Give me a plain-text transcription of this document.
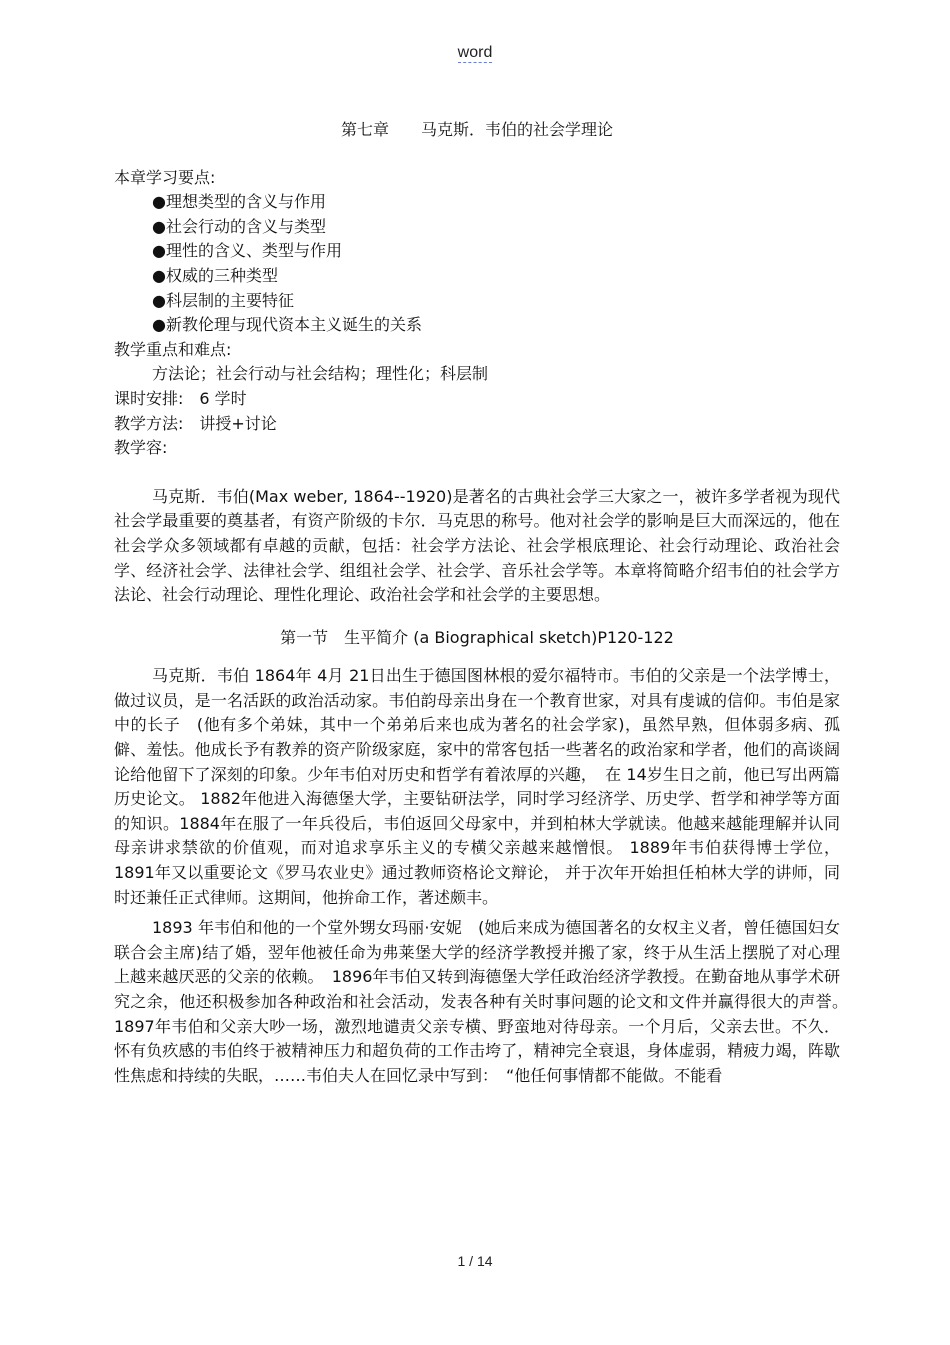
word

第七章　　马克斯．韦伯的社会学理论

本章学习要点:

●理想类型的含义与作用

●社会行动的含义与类型

●理性的含义、类型与作用

●权威的三种类型

●科层制的主要特征

●新教伦理与现代资本主义诞生的关系

教学重点和难点:

方法论；社会行动与社会结构；理性化；科层制

课时安排:　6 学时

教学方法:　讲授+讨论

教学容:

马克斯．韦伯(Max weber, 1864--1920)是著名的古典社会学三大家之一，被许多学者视为现代社会学最重要的奠基者，有资产阶级的卡尔．马克思的称号。他对社会学的影响是巨大而深远的，他在社会学众多领域都有卓越的贡献，包括：社会学方法论、社会学根底理论、社会行动理论、政治社会学、经济社会学、法律社会学、组组社会学、社会学、音乐社会学等。本章将简略介绍韦伯的社会学方法论、社会行动理论、理性化理论、政治社会学和社会学的主要思想。

第一节　生平简介 (a Biographical sketch)P120-122

马克斯．韦伯 1864年 4月 21日出生于德国图林根的爱尔福特市。韦伯的父亲是一个法学博士，做过议员，是一名活跃的政治活动家。韦伯韵母亲出身在一个教育世家，对具有虔诚的信仰。韦伯是家中的长子　(他有多个弟妹，其中一个弟弟后来也成为著名的社会学家)，虽然早熟，但体弱多病、孤僻、羞怯。他成长予有教养的资产阶级家庭，家中的常客包括一些著名的政治家和学者，他们的高谈阔论给他留下了深刻的印象。少年韦伯对历史和哲学有着浓厚的兴趣，　在 14岁生日之前，他已写出两篇历史论文。 1882年他进入海德堡大学，主要钻研法学，同时学习经济学、历史学、哲学和神学等方面的知识。1884年在服了一年兵役后，韦伯返回父母家中，并到柏林大学就读。他越来越能理解并认同母亲讲求禁欲的价值观，而对追求享乐主义的专横父亲越来越憎恨。 1889年韦伯获得博士学位， 1891年又以重要论文《罗马农业史》通过教师资格论文辩论， 并于次年开始担任柏林大学的讲师，同时还兼任正式律师。这期间，他拚命工作，著述颇丰。

1893 年韦伯和他的一个堂外甥女玛丽·安妮　(她后来成为德国著名的女权主义者，曾任德国妇女联合会主席)结了婚，翌年他被任命为弗莱堡大学的经济学教授并搬了家，终于从生活上摆脱了对心理上越来越厌恶的父亲的依赖。　1896年韦伯又转到海德堡大学任政治经济学教授。在勤奋地从事学术研究之余，他还积极参加各种政治和社会活动，发表各种有关时事问题的论文和文件并赢得很大的声誉。　1897年韦伯和父亲大吵一场，激烈地谴责父亲专横、野蛮地对待母亲。一个月后，父亲去世。不久．怀有负疚感的韦伯终于被精神压力和超负荷的工作击垮了，精神完全衰退，身体虚弱，精疲力竭，阵歇性焦虑和持续的失眠，……韦伯夫人在回忆录中写到：　“他任何事情都不能做。不能看

1 / 14
